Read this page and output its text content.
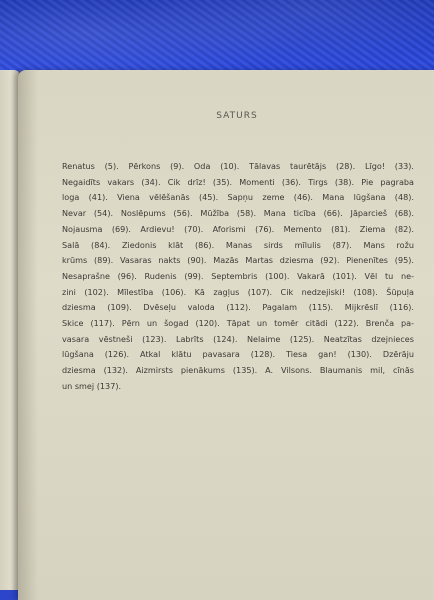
SATURS

Renatus (5). Pērkons (9). Oda (10). Tālavas taurētājs (28). Līgo! (33).
Negaidīts vakars (34). Cik drīz! (35). Momenti (36). Tirgs (38). Pie pagraba
loga (41). Viena vēlēšanās (45). Sapņu zeme (46). Mana lūgšana (48).
Nevar (54). Noslēpums (56). Mūžība (58). Mana ticība (66). Jāparcieš (68).
Nojausma (69). Ardievu! (70). Aforismi (76). Memento (81). Ziema (82).
Salā (84). Ziedonis klāt (86). Manas sirds mīlulis (87). Mans rožu
krūms (89). Vasaras nakts (90). Mazās Martas dziesma (92). Pienenītes (95).
Nesaprašne (96). Rudenis (99). Septembris (100). Vakarā (101). Vēl tu ne-
zini (102). Mīlestība (106). Kā zagļus (107). Cik nedzejiski! (108). Šūpuļa
dziesma (109). Dvēseļu valoda (112). Pagalam (115). Mijkrēslī (116).
Skice (117). Pērn un šogad (120). Tāpat un tomēr citādi (122). Brenča pa-
vasara vēstneši (123). Labrīts (124). Nelaime (125). Neatzītas dzejnieces
lūgšana (126). Atkal klātu pavasara (128). Tiesa gan! (130). Dzērāju
dziesma (132). Aizmirsts pienākums (135). A. Vilsons. Blaumanis mil, cīnās
un smej (137).
